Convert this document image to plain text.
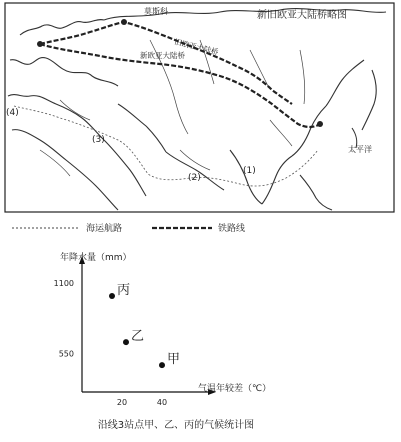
新旧欧亚大陆桥略图
莫斯科
旧欧亚大陆桥
新欧亚大陆桥
太平洋
(4)
(3)
(2)
(1)
海运航路	铁路线
年降水量（mm）
气温年较差（℃）
1100
550
20	40
丙
乙
甲
沿线3站点甲、乙、丙的气候统计图
